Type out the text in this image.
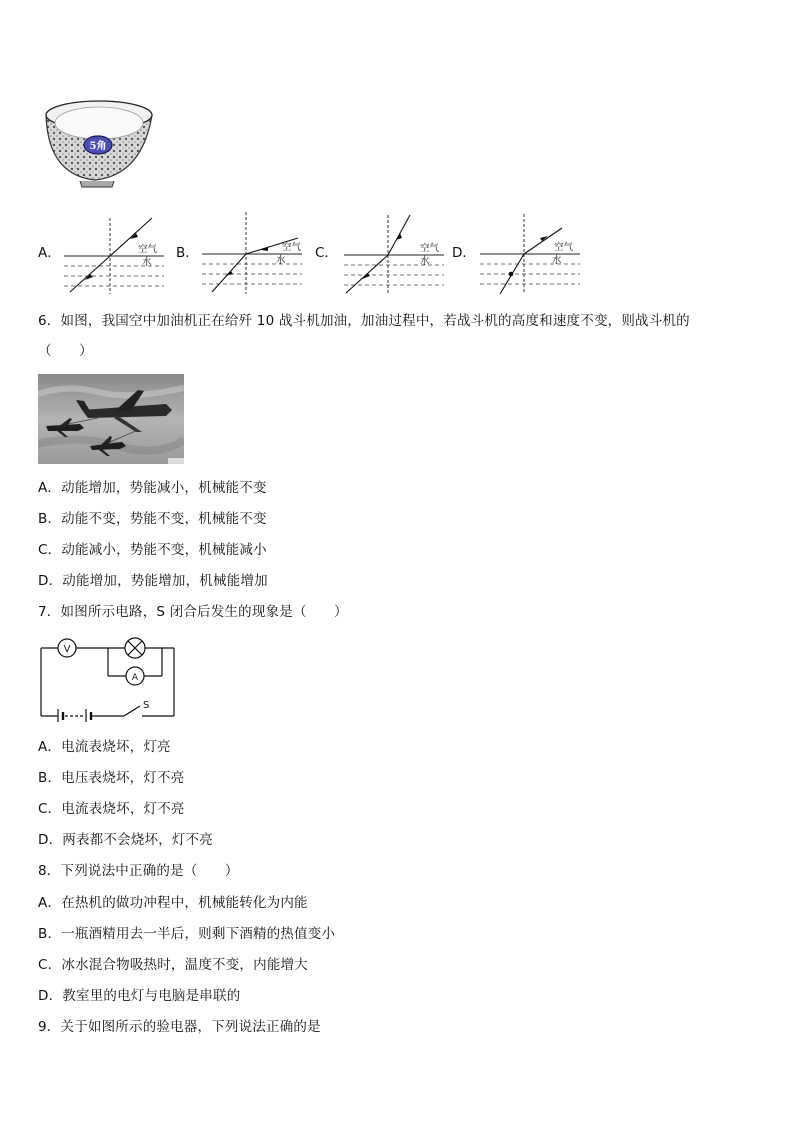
5角
A．	空气
水
B．	空气
水 C．	空气
水
D．	空气
水
6．如图，我国空中加油机正在给歼 10 战斗机加油，加油过程中，若战斗机的高度和速度不变，则战斗机的
（　　）
A．动能增加，势能减小，机械能不变
B．动能不变，势能不变，机械能不变
C．动能减小，势能不变，机械能减小
D．动能增加，势能增加，机械能增加
7．如图所示电路，S 闭合后发生的现象是（　　）
V
A
S
A．电流表烧坏，灯亮
B．电压表烧坏，灯不亮
C．电流表烧坏，灯不亮
D．两表都不会烧坏，灯不亮
8．下列说法中正确的是（　　）
A．在热机的做功冲程中，机械能转化为内能
B．一瓶酒精用去一半后，则剩下酒精的热值变小
C．冰水混合物吸热时，温度不变，内能增大
D．教室里的电灯与电脑是串联的
9．关于如图所示的验电器，下列说法正确的是
